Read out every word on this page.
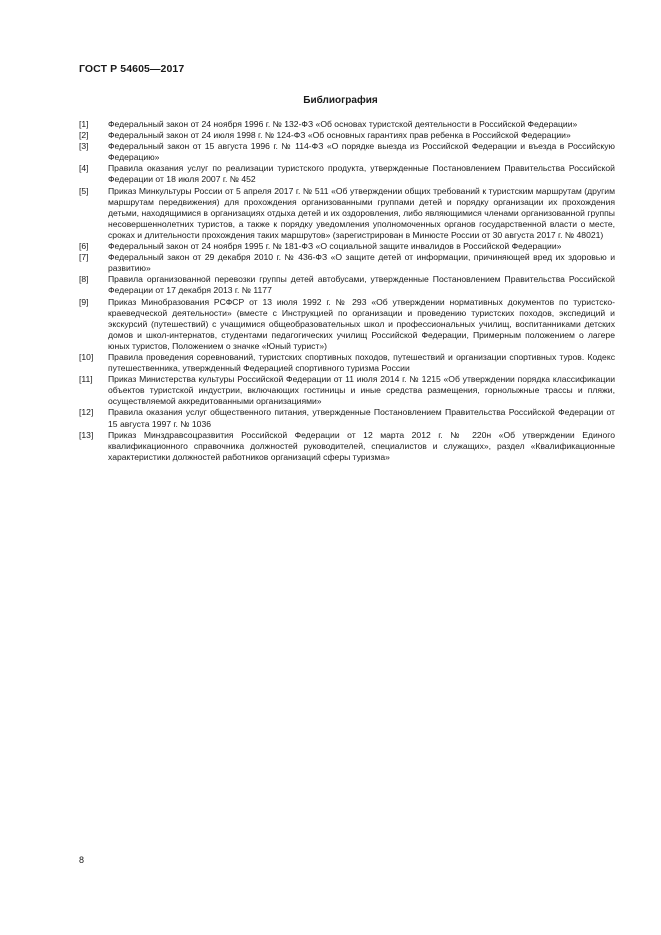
ГОСТ Р 54605—2017
Библиография
[1]	Федеральный закон от 24 ноября 1996 г. № 132-ФЗ «Об основах туристской деятельности в Российской Федерации»
[2]	Федеральный закон от 24 июля 1998 г. № 124-ФЗ «Об основных гарантиях прав ребенка в Российской Федерации»
[3]	Федеральный закон от 15 августа 1996 г. № 114-ФЗ «О порядке выезда из Российской Федерации и въезда в Российскую Федерацию»
[4]	Правила оказания услуг по реализации туристского продукта, утвержденные Постановлением Правительства Российской Федерации от 18 июля 2007 г. № 452
[5]	Приказ Минкультуры России от 5 апреля 2017 г. № 511 «Об утверждении общих требований к туристским маршрутам (другим маршрутам передвижения) для прохождения организованными группами детей и порядку организации их прохождения детьми, находящимися в организациях отдыха детей и их оздоровления, либо являющимися членами организованной группы несовершеннолетних туристов, а также к порядку уведомления уполномоченных органов государственной власти о месте, сроках и длительности прохождения таких маршрутов» (зарегистрирован в Минюсте России от 30 августа 2017 г. № 48021)
[6]	Федеральный закон от 24 ноября 1995 г. № 181-ФЗ «О социальной защите инвалидов в Российской Федерации»
[7]	Федеральный закон от 29 декабря 2010 г. № 436-ФЗ «О защите детей от информации, причиняющей вред их здоровью и развитию»
[8]	Правила организованной перевозки группы детей автобусами, утвержденные Постановлением Правительства Российской Федерации от 17 декабря 2013 г. № 1177
[9]	Приказ Минобразования РСФСР от 13 июля 1992 г. № 293 «Об утверждении нормативных документов по туристско-краеведческой деятельности» (вместе с Инструкцией по организации и проведению туристских походов, экспедиций и экскурсий (путешествий) с учащимися общеобразовательных школ и профессиональных училищ, воспитанниками детских домов и школ-интернатов, студентами педагогических училищ Российской Федерации, Примерным положением о лагере юных туристов, Положением о значке «Юный турист»)
[10]	Правила проведения соревнований, туристских спортивных походов, путешествий и организации спортивных туров. Кодекс путешественника, утвержденный Федерацией спортивного туризма России
[11]	Приказ Министерства культуры Российской Федерации от 11 июля 2014 г. № 1215 «Об утверждении порядка классификации объектов туристской индустрии, включающих гостиницы и иные средства размещения, горнолыжные трассы и пляжи, осуществляемой аккредитованными организациями»
[12]	Правила оказания услуг общественного питания, утвержденные Постановлением Правительства Российской Федерации от 15 августа 1997 г. № 1036
[13]	Приказ Минздравсоцразвития Российской Федерации от 12 марта 2012 г. № 220н «Об утверждении Единого квалификационного справочника должностей руководителей, специалистов и служащих», раздел «Квалификационные характеристики должностей работников организаций сферы туризма»
8
